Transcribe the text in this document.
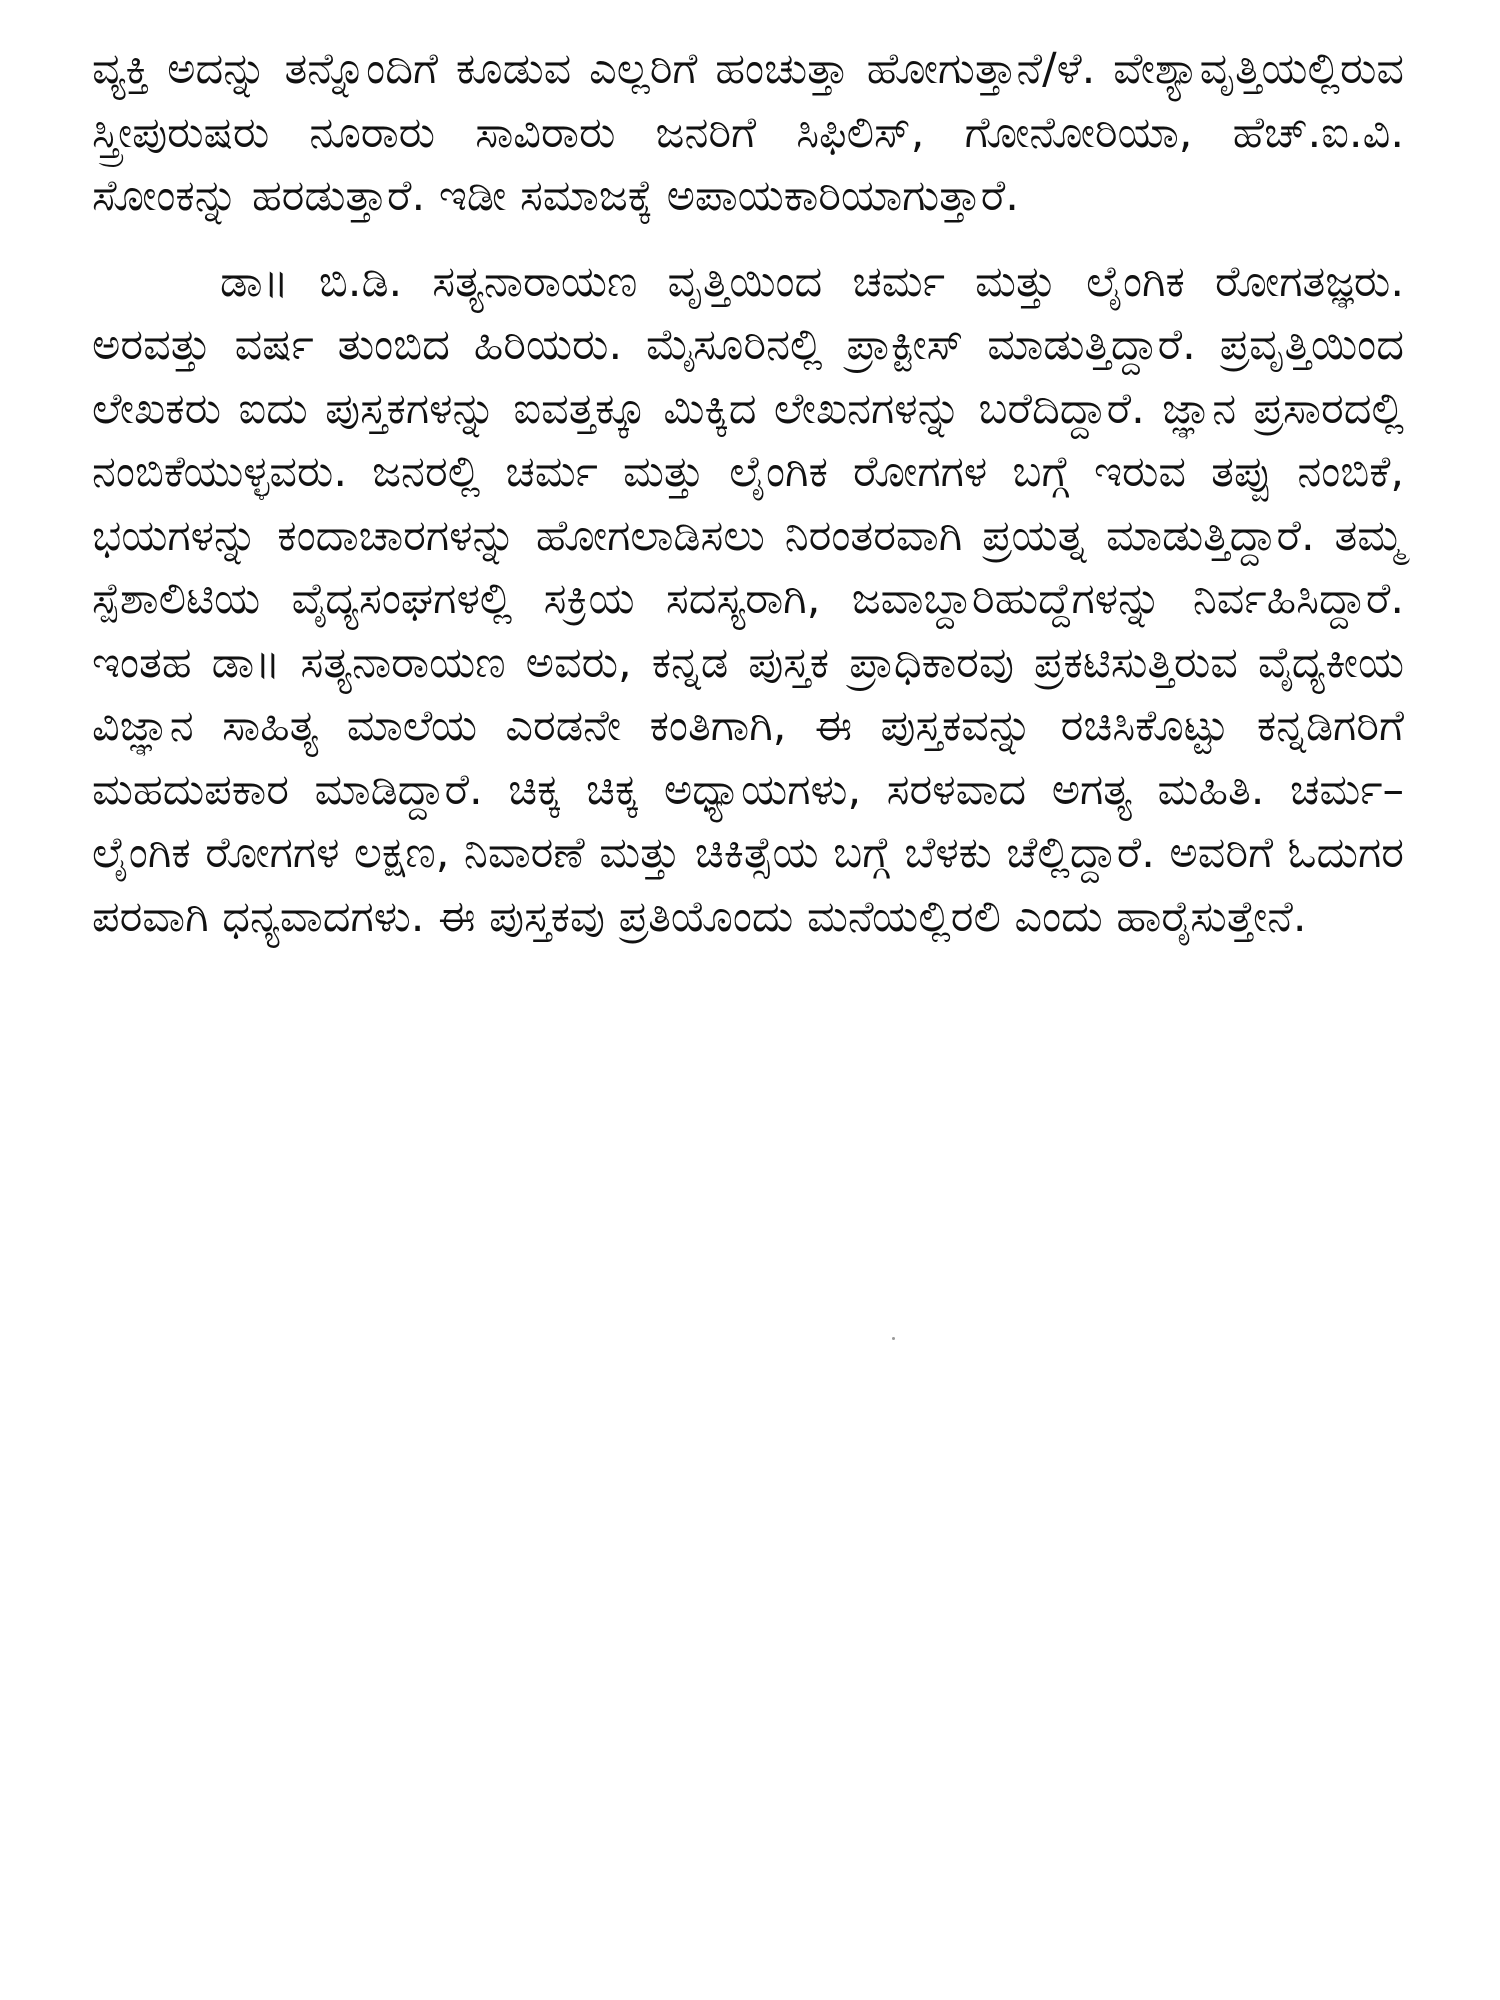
ವ್ಯಕ್ತಿ ಅದನ್ನು ತನ್ನೊಂದಿಗೆ ಕೂಡುವ ಎಲ್ಲರಿಗೆ ಹಂಚುತ್ತಾ ಹೋಗುತ್ತಾನೆ/ಳೆ. ವೇಶ್ಯಾವೃತ್ತಿಯಲ್ಲಿರುವ ಸ್ತ್ರೀಪುರುಷರು ನೂರಾರು ಸಾವಿರಾರು ಜನರಿಗೆ ಸಿಫಿಲಿಸ್, ಗೋನೋರಿಯಾ, ಹೆಚ್.ಐ.ವಿ. ಸೋಂಕನ್ನು ಹರಡುತ್ತಾರೆ. ಇಡೀ ಸಮಾಜಕ್ಕೆ ಅಪಾಯಕಾರಿಯಾಗುತ್ತಾರೆ.

ಡಾ॥ ಬಿ.ಡಿ. ಸತ್ಯನಾರಾಯಣ ವೃತ್ತಿಯಿಂದ ಚರ್ಮ ಮತ್ತು ಲೈಂಗಿಕ ರೋಗತಜ್ಞರು. ಅರವತ್ತು ವರ್ಷ ತುಂಬಿದ ಹಿರಿಯರು. ಮೈಸೂರಿನಲ್ಲಿ ಪ್ರಾಕ್ಟೀಸ್ ಮಾಡುತ್ತಿದ್ದಾರೆ. ಪ್ರವೃತ್ತಿಯಿಂದ ಲೇಖಕರು ಐದು ಪುಸ್ತಕಗಳನ್ನು ಐವತ್ತಕ್ಕೂ ಮಿಕ್ಕಿದ ಲೇಖನಗಳನ್ನು ಬರೆದಿದ್ದಾರೆ. ಜ್ಞಾನ ಪ್ರಸಾರದಲ್ಲಿ ನಂಬಿಕೆಯುಳ್ಳವರು. ಜನರಲ್ಲಿ ಚರ್ಮ ಮತ್ತು ಲೈಂಗಿಕ ರೋಗಗಳ ಬಗ್ಗೆ ಇರುವ ತಪ್ಪು ನಂಬಿಕೆ, ಭಯಗಳನ್ನು ಕಂದಾಚಾರಗಳನ್ನು ಹೋಗಲಾಡಿಸಲು ನಿರಂತರವಾಗಿ ಪ್ರಯತ್ನ ಮಾಡುತ್ತಿದ್ದಾರೆ. ತಮ್ಮ ಸ್ಪೆಶಾಲಿಟಿಯ ವೈದ್ಯಸಂಘಗಳಲ್ಲಿ ಸಕ್ರಿಯ ಸದಸ್ಯರಾಗಿ, ಜವಾಬ್ದಾರಿಹುದ್ದೆಗಳನ್ನು ನಿರ್ವಹಿಸಿದ್ದಾರೆ. ಇಂತಹ ಡಾ॥ ಸತ್ಯನಾರಾಯಣ ಅವರು, ಕನ್ನಡ ಪುಸ್ತಕ ಪ್ರಾಧಿಕಾರವು ಪ್ರಕಟಿಸುತ್ತಿರುವ ವೈದ್ಯಕೀಯ ವಿಜ್ಞಾನ ಸಾಹಿತ್ಯ ಮಾಲೆಯ ಎರಡನೇ ಕಂತಿಗಾಗಿ, ಈ ಪುಸ್ತಕವನ್ನು ರಚಿಸಿಕೊಟ್ಟು ಕನ್ನಡಿಗರಿಗೆ ಮಹದುಪಕಾರ ಮಾಡಿದ್ದಾರೆ. ಚಿಕ್ಕ ಚಿಕ್ಕ ಅಧ್ಯಾಯಗಳು, ಸರಳವಾದ ಅಗತ್ಯ ಮಹಿತಿ. ಚರ್ಮ–ಲೈಂಗಿಕ ರೋಗಗಳ ಲಕ್ಷಣ, ನಿವಾರಣೆ ಮತ್ತು ಚಿಕಿತ್ಸೆಯ ಬಗ್ಗೆ ಬೆಳಕು ಚೆಲ್ಲಿದ್ದಾರೆ. ಅವರಿಗೆ ಓದುಗರ ಪರವಾಗಿ ಧನ್ಯವಾದಗಳು. ಈ ಪುಸ್ತಕವು ಪ್ರತಿಯೊಂದು ಮನೆಯಲ್ಲಿರಲಿ ಎಂದು ಹಾರೈಸುತ್ತೇನೆ.
